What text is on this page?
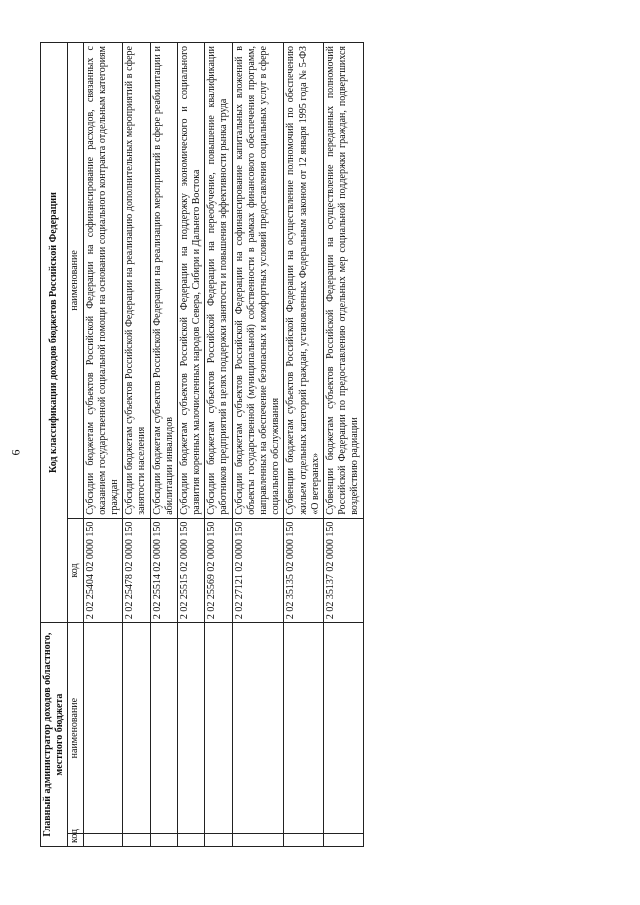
6
Главный администратор доходов областного, местного бюджета		Код классификации доходов бюджетов Российской Федерации	
код	наименование	код	наименование
		2 02 25404 02 0000 150	Субсидии бюджетам субъектов Российской Федерации на софинансирование расходов, связанных с оказанием государственной социальной помощи на основании социального контракта отдельным категориям граждан
		2 02 25478 02 0000 150	Субсидии бюджетам субъектов Российской Федерации на реализацию дополнительных мероприятий в сфере занятости населения
		2 02 25514 02 0000 150	Субсидии бюджетам субъектов Российской Федерации на реализацию мероприятий в сфере реабилитации и абилитации инвалидов
		2 02 25515 02 0000 150	Субсидии бюджетам субъектов Российской Федерации на поддержку экономического и социального развития коренных малочисленных народов Севера, Сибири и Дальнего Востока
		2 02 25569 02 0000 150	Субсидии бюджетам субъектов Российской Федерации на переобучение, повышение квалификации работников предприятий в целях поддержки занятости и повышения эффективности рынка труда
		2 02 27121 02 0000 150	Субсидии бюджетам субъектов Российской Федерации на софинансирование капитальных вложений в объекты государственной (муниципальной) собственности в рамках финансового обеспечения программ, направленных на обеспечение безопасных и комфортных условий предоставления социальных услуг в сфере социального обслуживания
		2 02 35135 02 0000 150	Субвенции бюджетам субъектов Российской Федерации на осуществление полномочий по обеспечению жильем отдельных категорий граждан, установленных Федеральным законом от 12 января 1995 года № 5-ФЗ «О ветеранах»
		2 02 35137 02 0000 150	Субвенции бюджетам субъектов Российской Федерации на осуществление переданных полномочий Российской Федерации по предоставлению отдельных мер социальной поддержки граждан, подвергшихся воздействию радиации
